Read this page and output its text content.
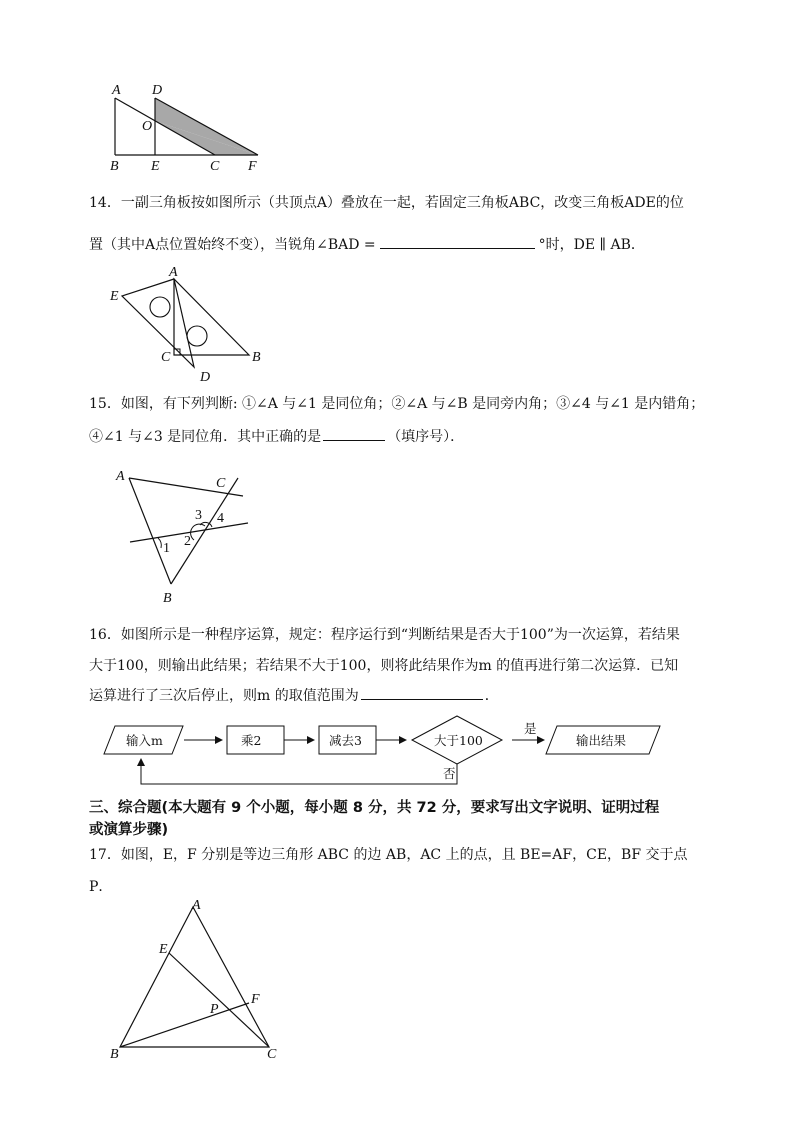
A D
O
B E	C F
14．一副三角板按如图所示（共顶点A）叠放在一起，若固定三角板ABC，改变三角板ADE的位
置（其中A点位置始终不变），当锐角∠BAD =	°时，DE ∥ AB．
A
E
C	B
D
15．如图，有下列判断: ①∠A 与∠1 是同位角；②∠A 与∠B 是同旁内角；③∠4 与∠1 是内错角；
④∠1 与∠3 是同位角．其中正确的是	（填序号）．
A	C
B
1 2
3 4
16．如图所示是一种程序运算，规定：程序运行到“判断结果是否大于100”为一次运算，若结果
大于100，则输出此结果；若结果不大于100，则将此结果作为m 的值再进行第二次运算．已知
运算进行了三次后停止，则m 的取值范围为	．
输入m	乘2	减去3	大于100
是
输出结果
否
三、综合题(本大题有 9 个小题，每小题 8 分，共 72 分，要求写出文字说明、证明过程
或演算步骤)
17．如图，E，F 分别是等边三角形 ABC 的边 AB，AC 上的点，且 BE=AF，CE，BF 交于点
P．
A
E
F
P
B	C
